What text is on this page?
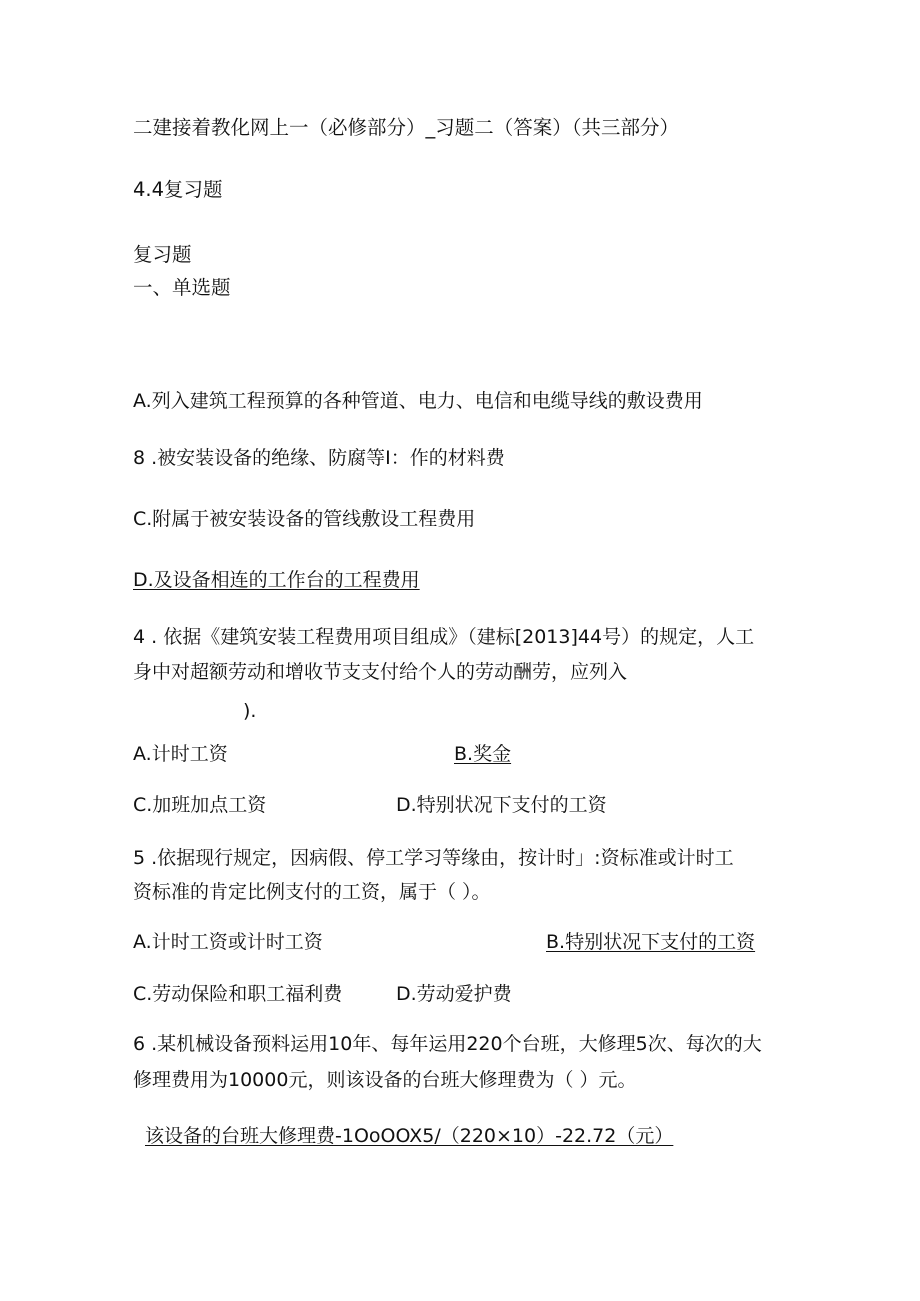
二建接着教化网上一（必修部分）_习题二（答案）（共三部分）
4.4复习题
复习题
一、单选题
A.列入建筑工程预算的各种管道、电力、电信和电缆导线的敷设费用
8 .被安装设备的绝缘、防腐等I：作的材料费
C.附属于被安装设备的管线敷设工程费用
D.及设备相连的工作台的工程费用
4 . 依据《建筑安装工程费用项目组成》（建标[2013]44号）的规定，人工
身中对超额劳动和增收节支支付给个人的劳动酬劳，应列入
).
A.计时工资	B.奖金
C.加班加点工资	D.特别状况下支付的工资
5 .依据现行规定，因病假、停工学习等缘由，按计时」:资标准或计时工
资标准的肯定比例支付的工资，属于（ ）。
A.计时工资或计时工资	B.特别状况下支付的工资
C.劳动保险和职工福利费	D.劳动爱护费
6 .某机械设备预料运用10年、每年运用220个台班，大修理5次、每次的大
修理费用为10000元，则该设备的台班大修理费为（ ）元。
该设备的台班大修理费-1OoOOX5/（220×10）-22.72（元）
